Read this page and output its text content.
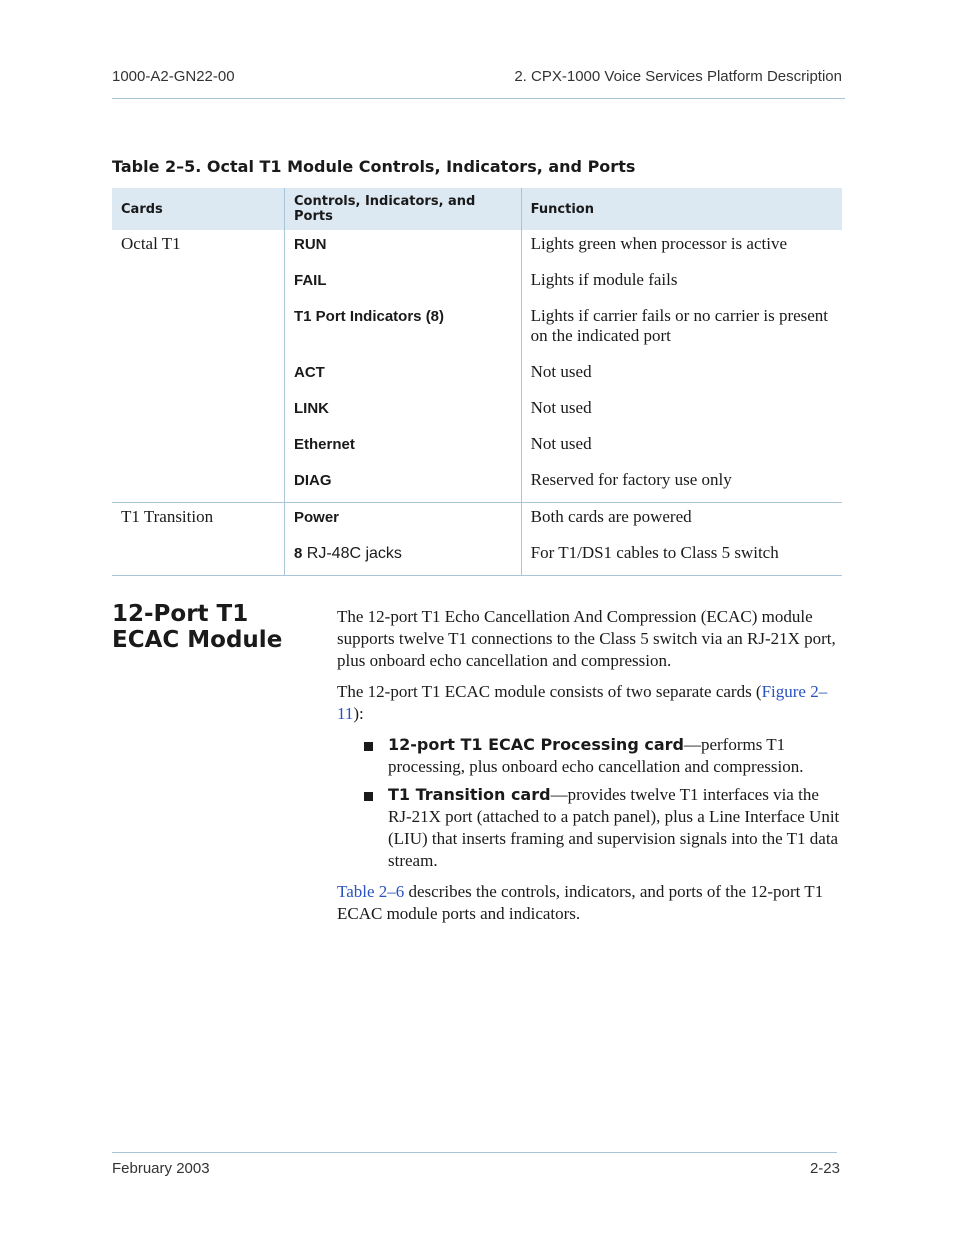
1000-A2-GN22-00	2. CPX-1000 Voice Services Platform Description
Table 2–5. Octal T1 Module Controls, Indicators, and Ports
Cards	Controls, Indicators, and Ports	Function
Octal T1	RUN	Lights green when processor is active
	FAIL	Lights if module fails
	T1 Port Indicators (8)	Lights if carrier fails or no carrier is present on the indicated port
	ACT	Not used
	LINK	Not used
	Ethernet	Not used
	DIAG	Reserved for factory use only
T1 Transition	Power	Both cards are powered
	8 RJ-48C jacks	For T1/DS1 cables to Class 5 switch
12-Port T1 ECAC Module

The 12-port T1 Echo Cancellation And Compression (ECAC) module supports twelve T1 connections to the Class 5 switch via an RJ-21X port, plus onboard echo cancellation and compression.

The 12-port T1 ECAC module consists of two separate cards (Figure 2–11):

12-port T1 ECAC Processing card—performs T1 processing, plus onboard echo cancellation and compression.
T1 Transition card—provides twelve T1 interfaces via the RJ-21X port (attached to a patch panel), plus a Line Interface Unit (LIU) that inserts framing and supervision signals into the T1 data stream.

Table 2–6 describes the controls, indicators, and ports of the 12-port T1 ECAC module ports and indicators.

February 2003	2-23
